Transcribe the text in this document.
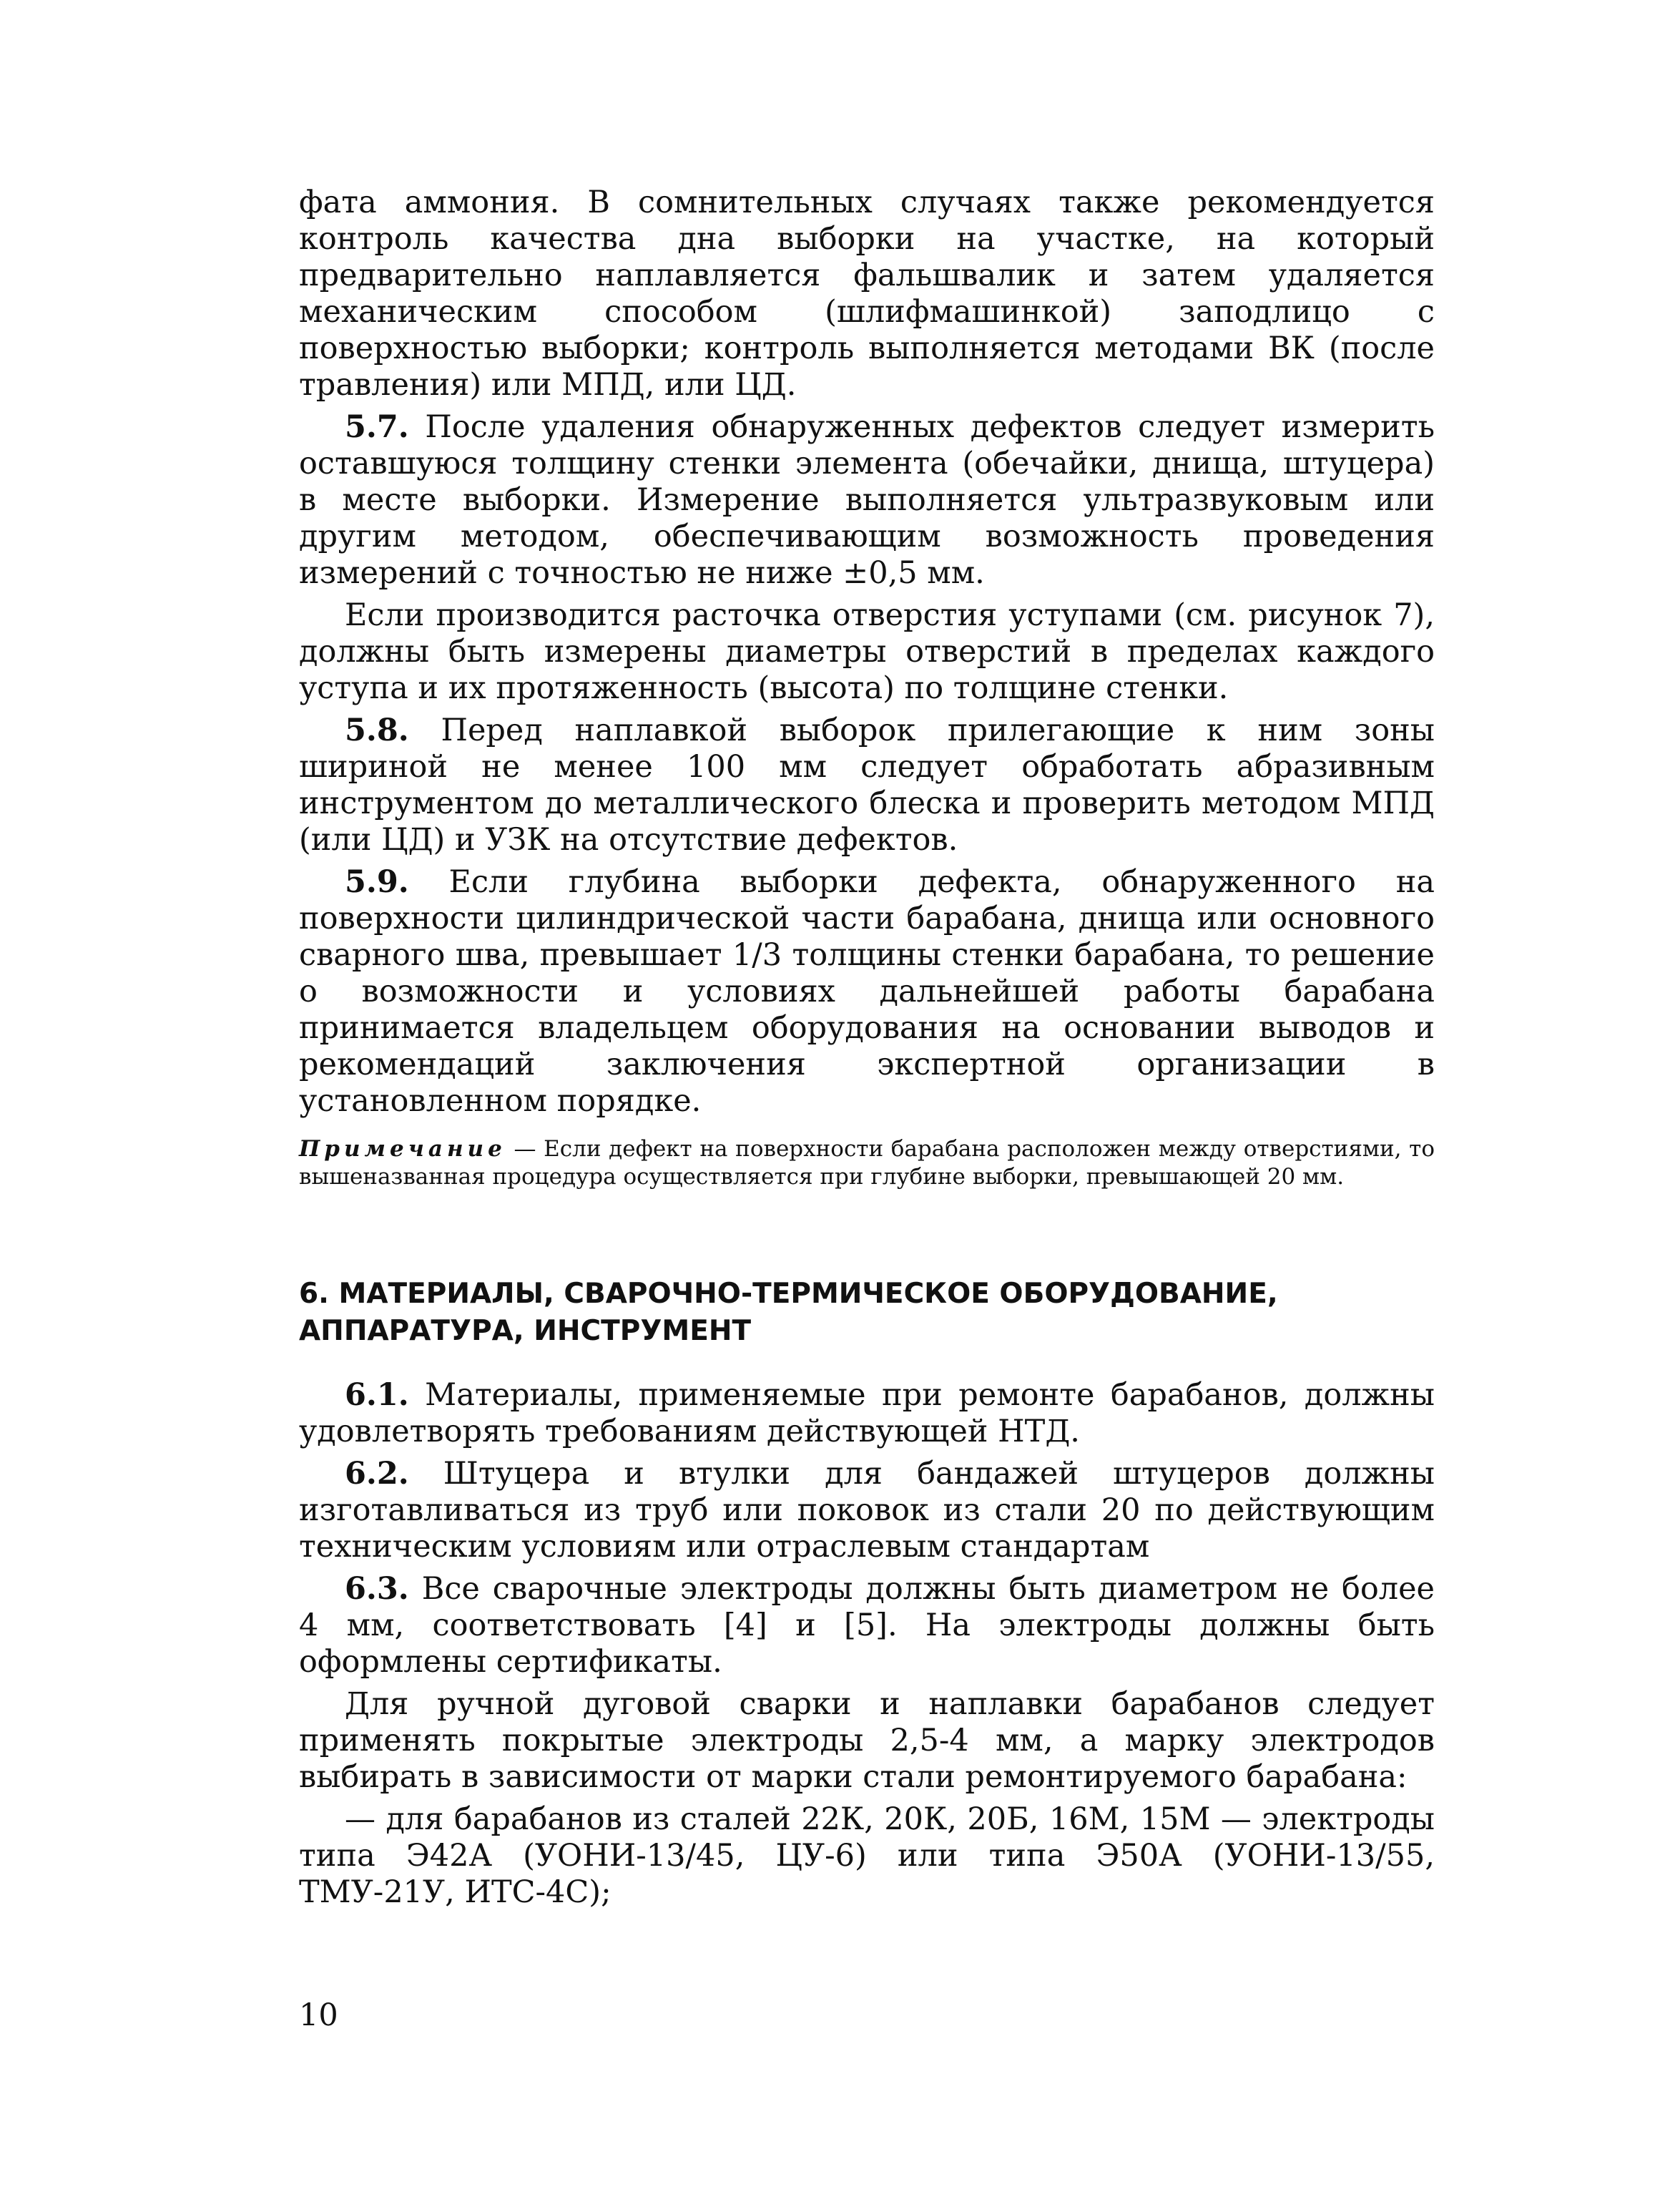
фата аммония. В сомнительных случаях также рекомендуется контроль качества дна выборки на участке, на который предварительно наплавляется фальшвалик и затем удаляется механическим способом (шлифмашинкой) заподлицо с поверхностью выборки; контроль выполняется методами ВК (после травления) или МПД, или ЦД.

5.7. После удаления обнаруженных дефектов следует измерить оставшуюся толщину стенки элемента (обечайки, днища, штуцера) в месте выборки. Измерение выполняется ультразвуковым или другим методом, обеспечивающим возможность проведения измерений с точностью не ниже ±0,5 мм.

Если производится расточка отверстия уступами (см. рисунок 7), должны быть измерены диаметры отверстий в пределах каждого уступа и их протяженность (высота) по толщине стенки.

5.8. Перед наплавкой выборок прилегающие к ним зоны шириной не менее 100 мм следует обработать абразивным инструментом до металлического блеска и проверить методом МПД (или ЦД) и УЗК на отсутствие дефектов.

5.9. Если глубина выборки дефекта, обнаруженного на поверхности цилиндрической части барабана, днища или основного сварного шва, превышает 1/3 толщины стенки барабана, то решение о возможности и условиях дальнейшей работы барабана принимается владельцем оборудования на основании выводов и рекомендаций заключения экспертной организации в установленном порядке.

Примечание — Если дефект на поверхности барабана расположен между отверстиями, то вышеназванная процедура осуществляется при глубине выборки, превышающей 20 мм.

6. МАТЕРИАЛЫ, СВАРОЧНО-ТЕРМИЧЕСКОЕ ОБОРУДОВАНИЕ,
АППАРАТУРА, ИНСТРУМЕНТ

6.1. Материалы, применяемые при ремонте барабанов, должны удовлетворять требованиям действующей НТД.

6.2. Штуцера и втулки для бандажей штуцеров должны изготавливаться из труб или поковок из стали 20 по действующим техническим условиям или отраслевым стандартам

6.3. Все сварочные электроды должны быть диаметром не более 4 мм, соответствовать [4] и [5]. На электроды должны быть оформлены сертификаты.

Для ручной дуговой сварки и наплавки барабанов следует применять покрытые электроды 2,5-4 мм, а марку электродов выбирать в зависимости от марки стали ремонтируемого барабана:

— для барабанов из сталей 22К, 20К, 20Б, 16М, 15М — электроды типа Э42А (УОНИ-13/45, ЦУ-6) или типа Э50А (УОНИ-13/55, ТМУ-21У, ИТС-4С);

10
